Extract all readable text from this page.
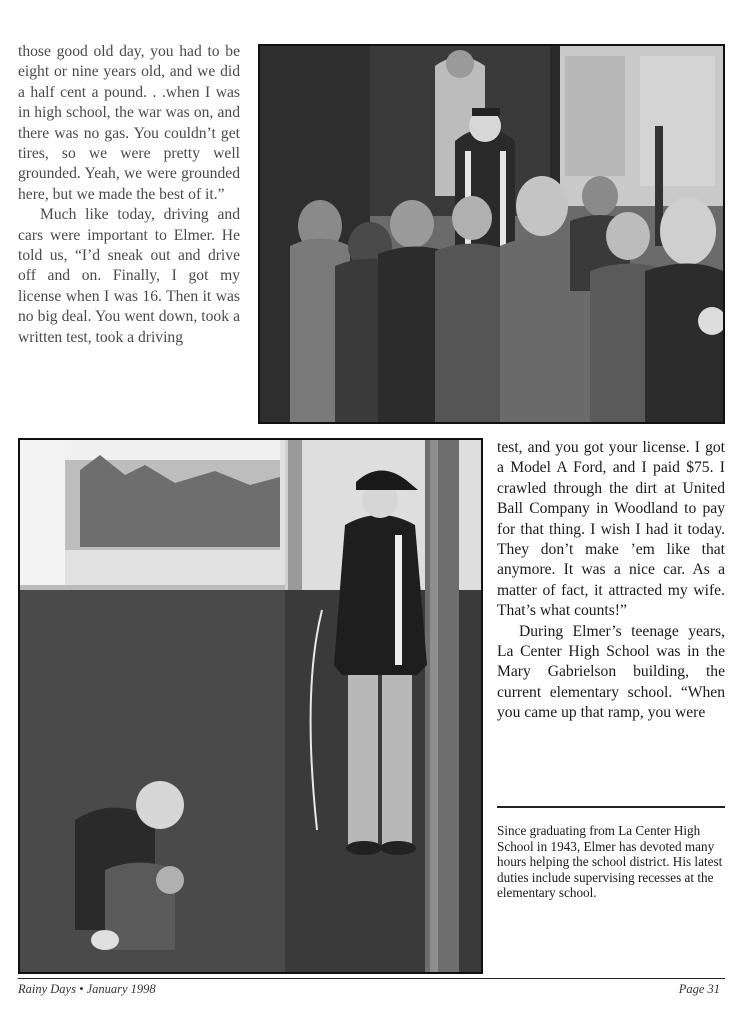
those good old day, you had to be eight or nine years old, and we did a half cent a pound. . .when I was in high school, the war was on, and there was no gas. You couldn’t get tires, so we were pretty well grounded. Yeah, we were grounded here, but we made the best of it.”

Much like today, driving and cars were important to Elmer. He told us, “I’d sneak out and drive off and on. Finally, I got my license when I was 16. Then it was no big deal. You went down, took a written test, took a driving

test, and you got your license. I got a Model A Ford, and I paid $75. I crawled through the dirt at United Ball Company in Woodland to pay for that thing. I wish I had it today. They don’t make ’em like that anymore. It was a nice car. As a matter of fact, it attracted my wife. That’s what counts!”

During Elmer’s teenage years, La Center High School was in the Mary Gabrielson building, the current elementary school. “When you came up that ramp, you were

Since graduating from La Center High School in 1943, Elmer has devoted many hours helping the school district. His latest duties include supervising recesses at the elementary school.
Rainy Days • January 1998	Page 31
